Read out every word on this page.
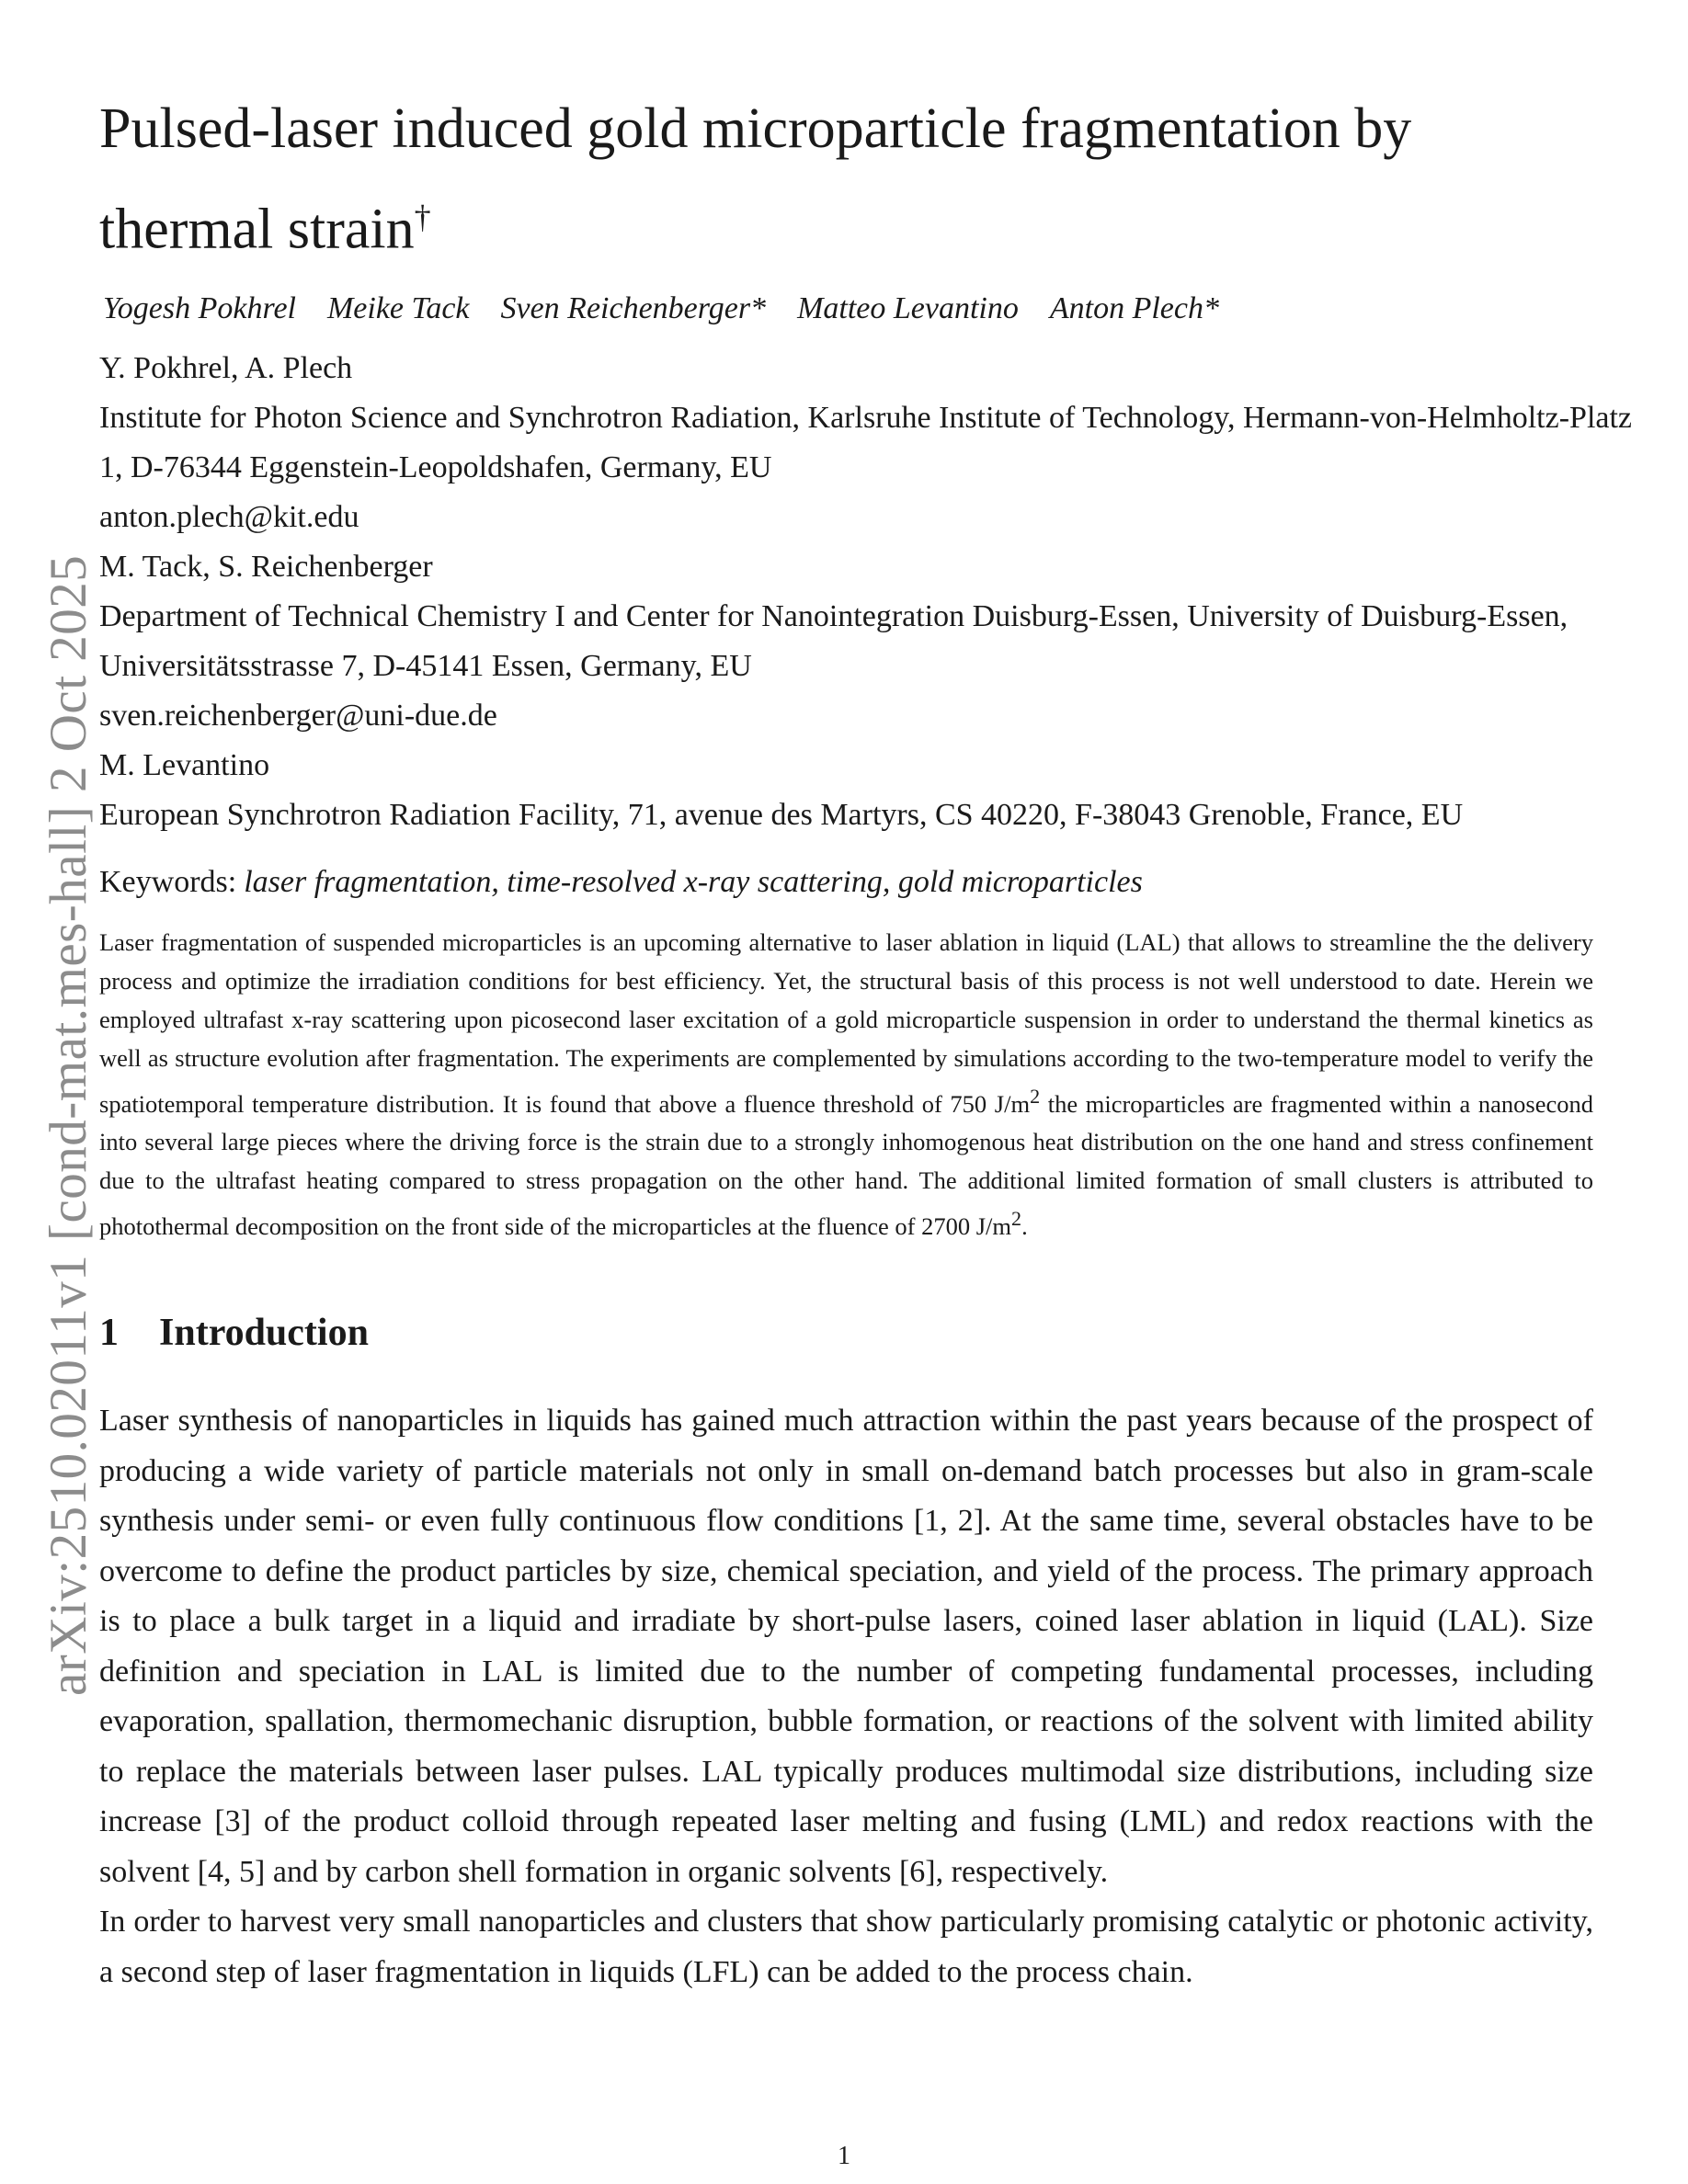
arXiv:2510.02011v1 [cond-mat.mes-hall] 2 Oct 2025
Pulsed-laser induced gold microparticle fragmentation by thermal strain†
Yogesh Pokhrel Meike Tack Sven Reichenberger* Matteo Levantino Anton Plech*

Y. Pokhrel, A. Plech

Institute for Photon Science and Synchrotron Radiation, Karlsruhe Institute of Technology, Hermann-von-Helmholtz-Platz 1, D-76344 Eggenstein-Leopoldshafen, Germany, EU

anton.plech@kit.edu

M. Tack, S. Reichenberger

Department of Technical Chemistry I and Center for Nanointegration Duisburg-Essen, University of Duisburg-Essen, Universitätsstrasse 7, D-45141 Essen, Germany, EU

sven.reichenberger@uni-due.de

M. Levantino

European Synchrotron Radiation Facility, 71, avenue des Martyrs, CS 40220, F-38043 Grenoble, France, EU

Keywords: laser fragmentation, time-resolved x-ray scattering, gold microparticles
Laser fragmentation of suspended microparticles is an upcoming alternative to laser ablation in liquid (LAL) that allows to streamline the the delivery process and optimize the irradiation conditions for best efficiency. Yet, the structural basis of this process is not well understood to date. Herein we employed ultrafast x-ray scattering upon picosecond laser excitation of a gold microparticle suspension in order to understand the thermal kinetics as well as structure evolution after fragmentation. The experiments are complemented by simulations according to the two-temperature model to verify the spatiotemporal temperature distribution. It is found that above a fluence threshold of 750 $J/m^2$ the microparticles are fragmented within a nanosecond into several large pieces where the driving force is the strain due to a strongly inhomogenous heat distribution on the one hand and stress confinement due to the ultrafast heating compared to stress propagation on the other hand. The additional limited formation of small clusters is attributed to photothermal decomposition on the front side of the microparticles at the fluence of 2700 $J/m^2$.
1 Introduction

Laser synthesis of nanoparticles in liquids has gained much attraction within the past years because of the prospect of producing a wide variety of particle materials not only in small on-demand batch processes but also in gram-scale synthesis under semi- or even fully continuous flow conditions [1, 2]. At the same time, several obstacles have to be overcome to define the product particles by size, chemical speciation, and yield of the process. The primary approach is to place a bulk target in a liquid and irradiate by short-pulse lasers, coined laser ablation in liquid (LAL). Size definition and speciation in LAL is limited due to the number of competing fundamental processes, including evaporation, spallation, thermomechanic disruption, bubble formation, or reactions of the solvent with limited ability to replace the materials between laser pulses. LAL typically produces multimodal size distributions, including size increase [3] of the product colloid through repeated laser melting and fusing (LML) and redox reactions with the solvent [4, 5] and by carbon shell formation in organic solvents [6], respectively.

In order to harvest very small nanoparticles and clusters that show particularly promising catalytic or photonic activity, a second step of laser fragmentation in liquids (LFL) can be added to the process chain.

1
